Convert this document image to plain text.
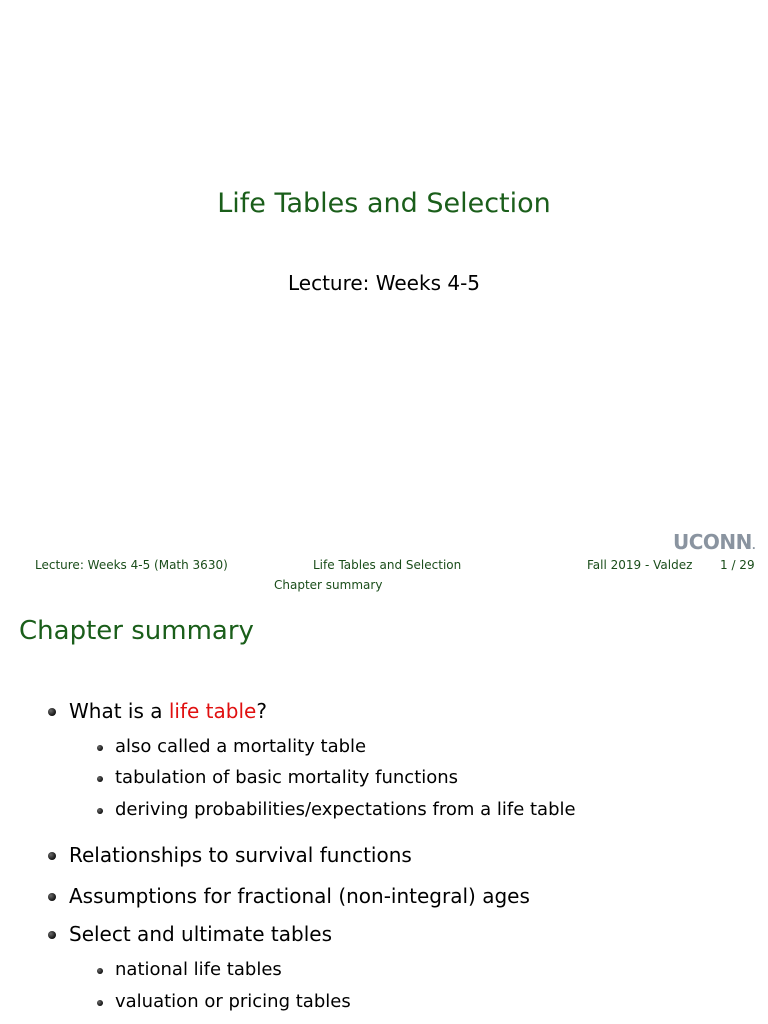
Life Tables and Selection
Lecture: Weeks 4-5
UCONN.
Lecture: Weeks 4-5 (Math 3630)	Life Tables and Selection	Fall 2019 - Valdez 1 / 29
Chapter summary
Chapter summary
What is a life table?
also called a mortality table
tabulation of basic mortality functions
deriving probabilities/expectations from a life table
Relationships to survival functions
Assumptions for fractional (non-integral) ages
Select and ultimate tables
national life tables
valuation or pricing tables
